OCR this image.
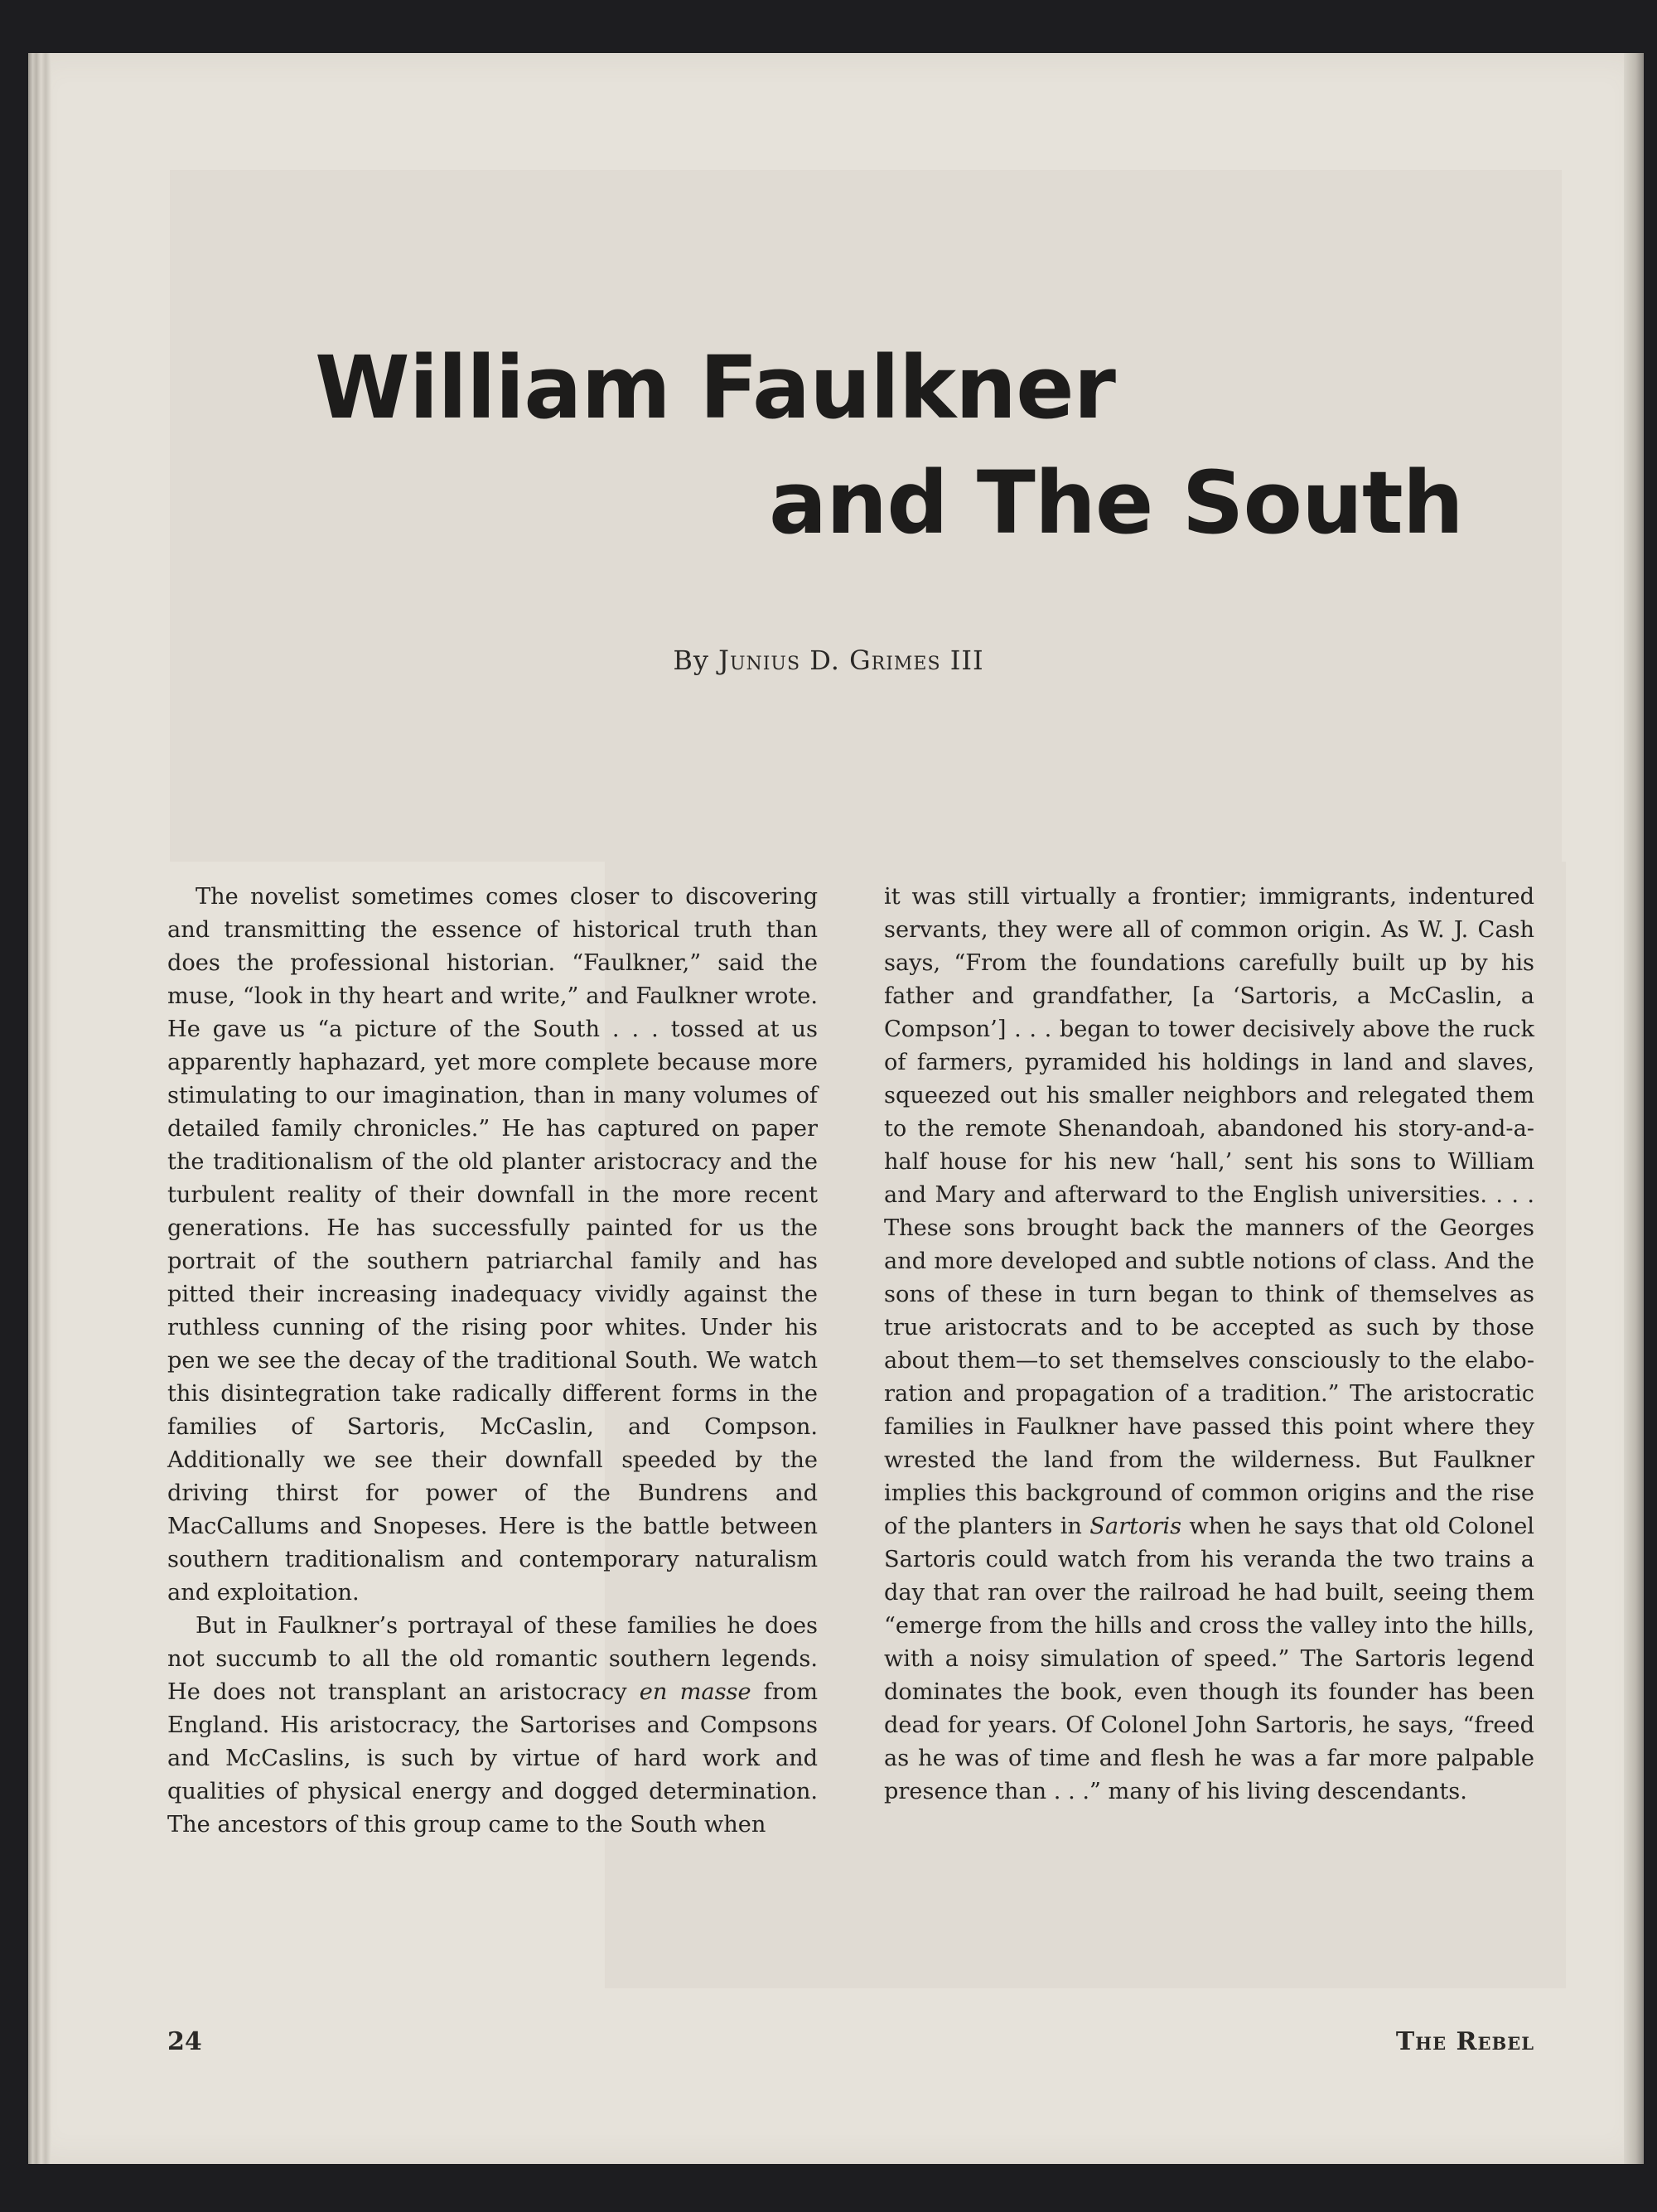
William Faulkner
and The South
By Junius D. Grimes III

The novelist sometimes comes closer to discovering and transmitting the essence of historical truth than does the professional historian. “Faulkner,” said the muse, “look in thy heart and write,” and Faulkner wrote. He gave us “a picture of the South . . . tossed at us apparently haphazard, yet more complete because more stimulating to our imagination, than in many volumes of detailed family chronicles.” He has captured on paper the traditionalism of the old planter aristocracy and the turbulent reality of their downfall in the more recent generations. He has successfully painted for us the portrait of the southern patriarchal family and has pitted their increasing inadequacy vividly against the ruthless cunning of the rising poor whites. Under his pen we see the decay of the traditional South. We watch this disintegration take radically different forms in the families of Sartoris, McCaslin, and Compson. Additionally we see their downfall speeded by the driving thirst for power of the Bundrens and MacCallums and Snopeses. Here is the battle between southern traditionalism and contemporary naturalism and exploitation.

But in Faulkner’s portrayal of these families he does not succumb to all the old romantic southern legends. He does not transplant an aristocracy en masse from England. His aristocracy, the Sartorises and Compsons and McCaslins, is such by virtue of hard work and qualities of physical energy and dogged determination. The ancestors of this group came to the South when

it was still virtually a frontier; immigrants, indentured servants, they were all of common origin. As W. J. Cash says, “From the foundations carefully built up by his father and grandfather, [a ‘Sartoris, a McCaslin, a Compson’] . . . began to tower decisively above the ruck of farmers, pyramided his holdings in land and slaves, squeezed out his smaller neighbors and relegated them to the remote Shenandoah, abandoned his story-and-a-half house for his new ‘hall,’ sent his sons to William and Mary and afterward to the English universities. . . . These sons brought back the manners of the Georges and more developed and subtle notions of class. And the sons of these in turn began to think of themselves as true aristocrats and to be accepted as such by those about them—to set themselves consciously to the elaboration and propagation of a tradition.” The aristocratic families in Faulkner have passed this point where they wrested the land from the wilderness. But Faulkner implies this background of common origins and the rise of the planters in Sartoris when he says that old Colonel Sartoris could watch from his veranda the two trains a day that ran over the railroad he had built, seeing them “emerge from the hills and cross the valley into the hills, with a noisy simulation of speed.” The Sartoris legend dominates the book, even though its founder has been dead for years. Of Colonel John Sartoris, he says, “freed as he was of time and flesh he was a far more palpable presence than . . .” many of his living descendants.

24	The Rebel
